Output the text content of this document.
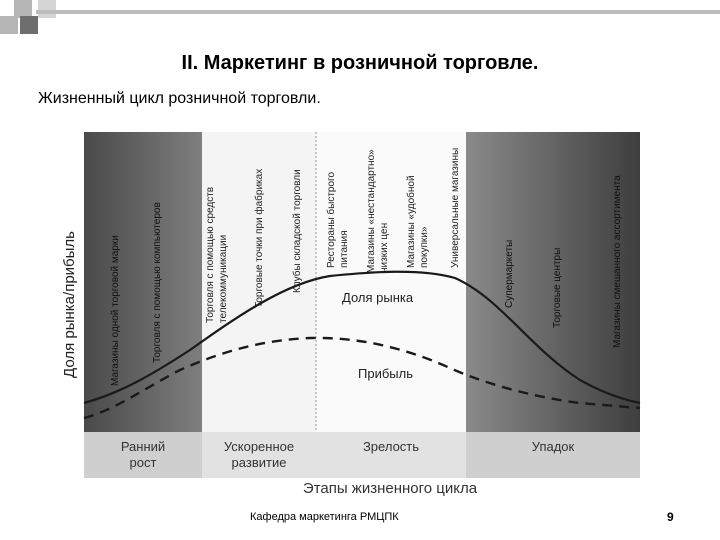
II. Маркетинг в розничной торговле.
Жизненный цикл розничной торговли.
Доля рынка/прибыль	Доля рынка
Прибыль
Магазины одной торговой марки	Торговля с помощью компьютеров	Торговля с помощью средств телекоммуникации	Торговые точки при фабриках	Клубы складской торговли Рестораны быстрого питания Магазины «нестандартно» низких цен Магазины «удобной покупки» Универсальные магазины
Супермаркеты	Торговые центры	Магазины смешанного ассортимента
Ранний
рост
Ускоренное
развитие
Зрелость	Упадок
Этапы жизненного цикла
Кафедра маркетинга РМЦПК	9
